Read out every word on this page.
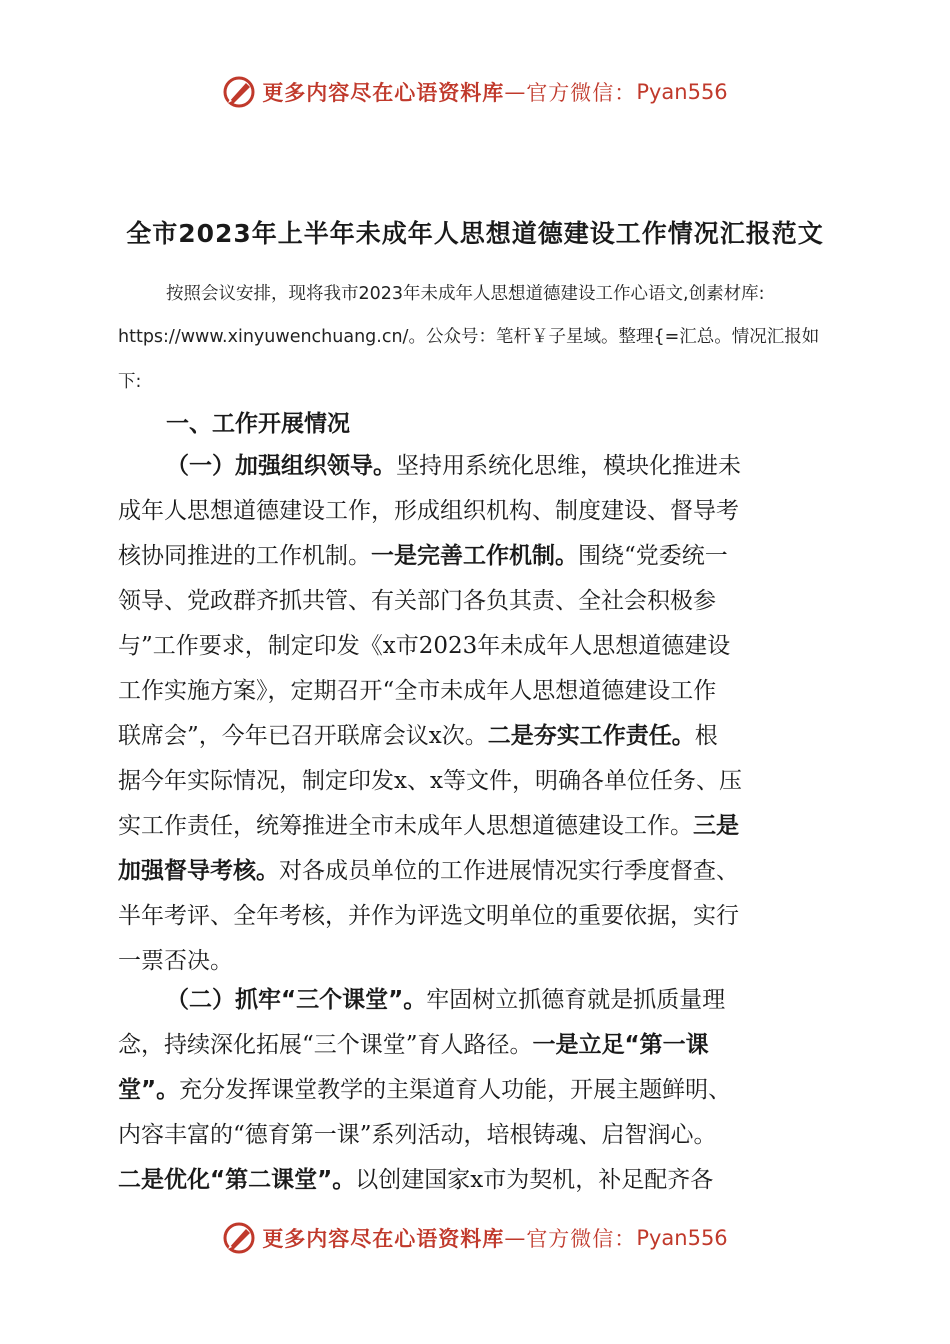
更多内容尽在心语资料库 — 官方微信： Pyan556
全市2023年上半年未成年人思想道德建设工作情况汇报范文
按照会议安排，现将我市2023年未成年人思想道德建设工作心语文,创素材库:
https://www.xinyuwenchuang.cn/。公众号：笔杆￥子星域。整理{=汇总。情况汇报如
下:
一、工作开展情况
（一）加强组织领导。坚持用系统化思维，模块化推进未
成年人思想道德建设工作，形成组织机构、制度建设、督导考
核协同推进的工作机制。一是完善工作机制。围绕“党委统一
领导、党政群齐抓共管、有关部门各负其责、全社会积极参
与”工作要求，制定印发《x市2023年未成年人思想道德建设
工作实施方案》，定期召开“全市未成年人思想道德建设工作
联席会”，今年已召开联席会议x次。二是夯实工作责任。根
据今年实际情况，制定印发x、x等文件，明确各单位任务、压
实工作责任，统筹推进全市未成年人思想道德建设工作。三是
加强督导考核。对各成员单位的工作进展情况实行季度督查、
半年考评、全年考核，并作为评选文明单位的重要依据，实行
一票否决。
（二）抓牢“三个课堂”。牢固树立抓德育就是抓质量理
念，持续深化拓展“三个课堂”育人路径。一是立足“第一课
堂”。充分发挥课堂教学的主渠道育人功能，开展主题鲜明、
内容丰富的“德育第一课”系列活动，培根铸魂、启智润心。
二是优化“第二课堂”。以创建国家x市为契机，补足配齐各
更多内容尽在心语资料库 — 官方微信： Pyan556
